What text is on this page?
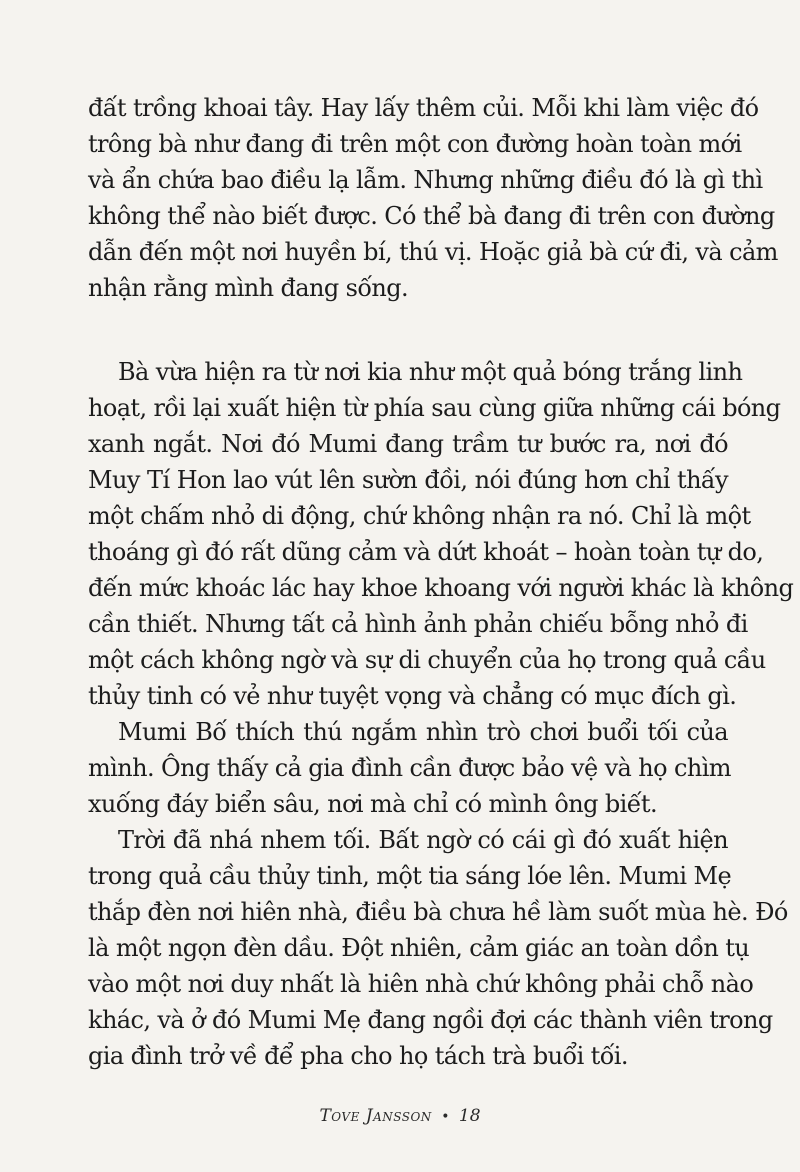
đất trồng khoai tây. Hay lấy thêm củi. Mỗi khi làm việc đó
trông bà như đang đi trên một con đường hoàn toàn mới
và ẩn chứa bao điều lạ lẫm. Nhưng những điều đó là gì thì
không thể nào biết được. Có thể bà đang đi trên con đường
dẫn đến một nơi huyền bí, thú vị. Hoặc giả bà cứ đi, và cảm
nhận rằng mình đang sống.
Bà vừa hiện ra từ nơi kia như một quả bóng trắng linh
hoạt, rồi lại xuất hiện từ phía sau cùng giữa những cái bóng
xanh ngắt. Nơi đó Mumi đang trầm tư bước ra, nơi đó
Muy Tí Hon lao vút lên sườn đồi, nói đúng hơn chỉ thấy
một chấm nhỏ di động, chứ không nhận ra nó. Chỉ là một
thoáng gì đó rất dũng cảm và dứt khoát – hoàn toàn tự do,
đến mức khoác lác hay khoe khoang với người khác là không
cần thiết. Nhưng tất cả hình ảnh phản chiếu bỗng nhỏ đi
một cách không ngờ và sự di chuyển của họ trong quả cầu
thủy tinh có vẻ như tuyệt vọng và chẳng có mục đích gì.
Mumi Bố thích thú ngắm nhìn trò chơi buổi tối của
mình. Ông thấy cả gia đình cần được bảo vệ và họ chìm
xuống đáy biển sâu, nơi mà chỉ có mình ông biết.
Trời đã nhá nhem tối. Bất ngờ có cái gì đó xuất hiện
trong quả cầu thủy tinh, một tia sáng lóe lên. Mumi Mẹ
thắp đèn nơi hiên nhà, điều bà chưa hề làm suốt mùa hè. Đó
là một ngọn đèn dầu. Đột nhiên, cảm giác an toàn dồn tụ
vào một nơi duy nhất là hiên nhà chứ không phải chỗ nào
khác, và ở đó Mumi Mẹ đang ngồi đợi các thành viên trong
gia đình trở về để pha cho họ tách trà buổi tối.
Tove Jansson • 18
